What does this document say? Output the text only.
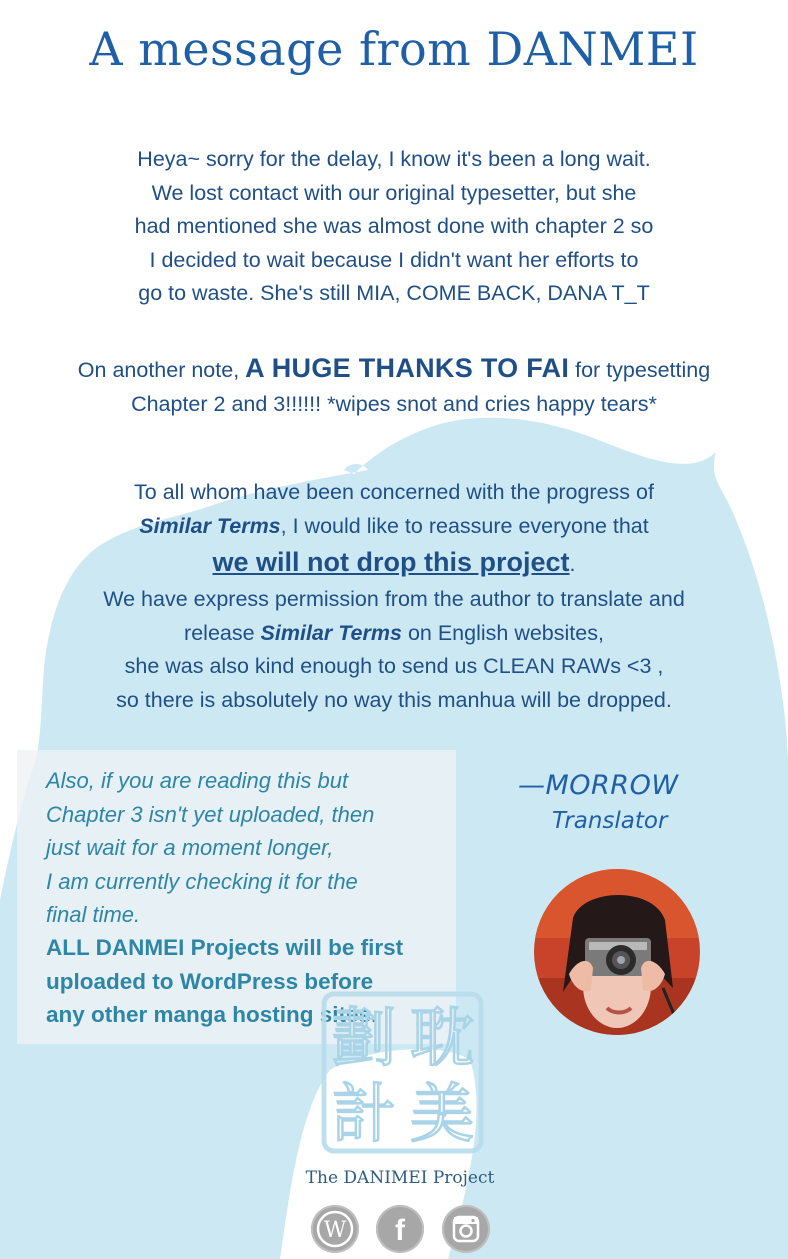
A message from DANMEI
Heya~ sorry for the delay, I know it's been a long wait.
We lost contact with our original typesetter, but she
had mentioned she was almost done with chapter 2 so
I decided to wait because I didn't want her efforts to
go to waste. She's still MIA, COME BACK, DANA T_T
On another note, A HUGE THANKS TO FAI for typesetting
Chapter 2 and 3!!!!!! *wipes snot and cries happy tears*
To all whom have been concerned with the progress of
Similar Terms, I would like to reassure everyone that
we will not drop this project.
We have express permission from the author to translate and
release Similar Terms on English websites,
she was also kind enough to send us CLEAN RAWs <3 ,
so there is absolutely no way this manhua will be dropped.
Also, if you are reading this but
Chapter 3 isn't yet uploaded, then
just wait for a moment longer,
I am currently checking it for the
final time.
ALL DANMEI Projects will be first
uploaded to WordPress before
any other manga hosting sites.
—MORROW
Translator
耽
美
劃
計
The DANIMEI Project
W f
